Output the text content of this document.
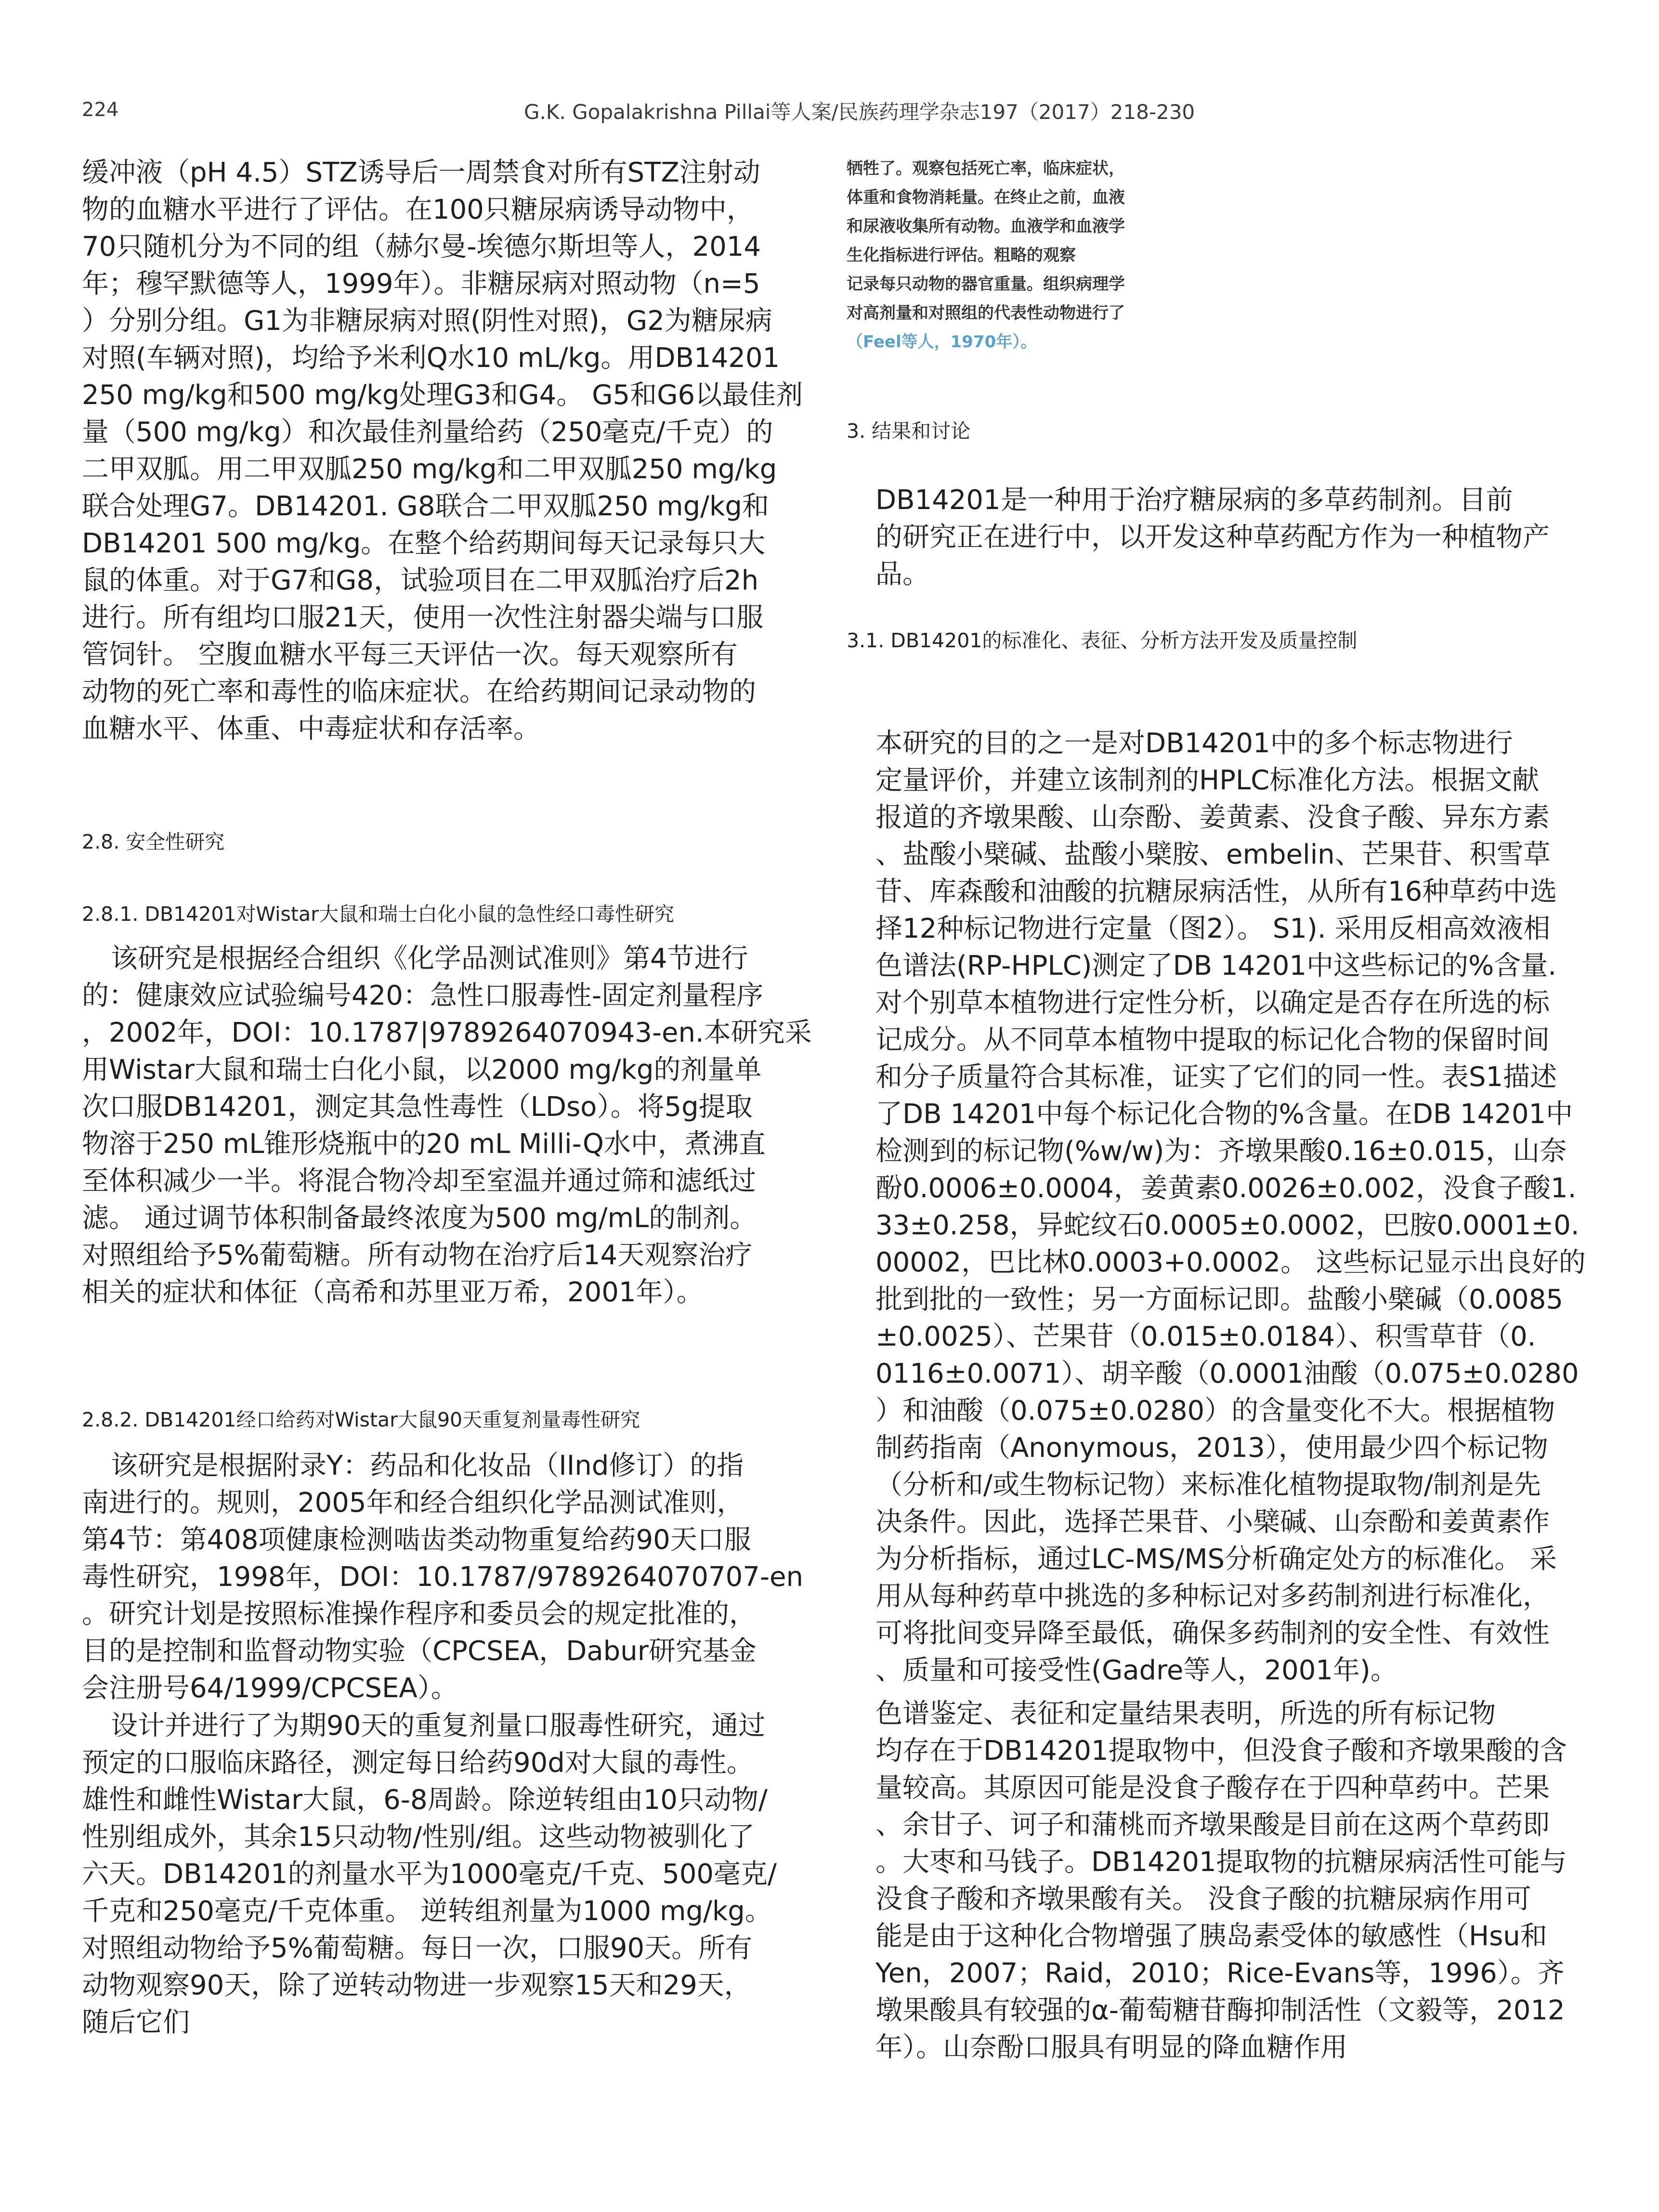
224	G.K. Gopalakrishna Pillai等人案/民族药理学杂志197（2017）218-230
缓冲液（pH 4.5）STZ诱导后一周禁食对所有STZ注射动
物的血糖水平进行了评估。在100只糖尿病诱导动物中，
70只随机分为不同的组（赫尔曼-埃德尔斯坦等人，2014
年；穆罕默德等人，1999年）。非糖尿病对照动物（n=5
）分别分组。G1为非糖尿病对照(阴性对照)，G2为糖尿病
对照(车辆对照)，均给予米利Q水10 mL/kg。用DB14201
250 mg/kg和500 mg/kg处理G3和G4。 G5和G6以最佳剂
量（500 mg/kg）和次最佳剂量给药（250毫克/千克）的
二甲双胍。用二甲双胍250 mg/kg和二甲双胍250 mg/kg
联合处理G7。DB14201. G8联合二甲双胍250 mg/kg和
DB14201 500 mg/kg。在整个给药期间每天记录每只大
鼠的体重。对于G7和G8，试验项目在二甲双胍治疗后2h
进行。所有组均口服21天，使用一次性注射器尖端与口服
管饲针。 空腹血糖水平每三天评估一次。每天观察所有
动物的死亡率和毒性的临床症状。在给药期间记录动物的
血糖水平、体重、中毒症状和存活率。
2.8. 安全性研究
2.8.1. DB14201对Wistar大鼠和瑞士白化小鼠的急性经口毒性研究
该研究是根据经合组织《化学品测试准则》第4节进行
的：健康效应试验编号420：急性口服毒性-固定剂量程序
，2002年，DOI：10.1787|9789264070943-en.本研究采
用Wistar大鼠和瑞士白化小鼠，以2000 mg/kg的剂量单
次口服DB14201，测定其急性毒性（LDso）。将5g提取
物溶于250 mL锥形烧瓶中的20 mL Milli-Q水中，煮沸直
至体积减少一半。将混合物冷却至室温并通过筛和滤纸过
滤。 通过调节体积制备最终浓度为500 mg/mL的制剂。
对照组给予5%葡萄糖。所有动物在治疗后14天观察治疗
相关的症状和体征（高希和苏里亚万希，2001年）。
2.8.2. DB14201经口给药对Wistar大鼠90天重复剂量毒性研究
该研究是根据附录Y：药品和化妆品（IInd修订）的指
南进行的。规则，2005年和经合组织化学品测试准则，
第4节：第408项健康检测啮齿类动物重复给药90天口服
毒性研究，1998年，DOI：10.1787/9789264070707-en
。研究计划是按照标准操作程序和委员会的规定批准的，
目的是控制和监督动物实验（CPCSEA，Dabur研究基金
会注册号64/1999/CPCSEA）。
设计并进行了为期90天的重复剂量口服毒性研究，通过
预定的口服临床路径，测定每日给药90d对大鼠的毒性。
雄性和雌性Wistar大鼠，6-8周龄。除逆转组由10只动物/
性别组成外，其余15只动物/性别/组。这些动物被驯化了
六天。DB14201的剂量水平为1000毫克/千克、500毫克/
千克和250毫克/千克体重。 逆转组剂量为1000 mg/kg。
对照组动物给予5%葡萄糖。每日一次，口服90天。所有
动物观察90天，除了逆转动物进一步观察15天和29天，
随后它们
牺牲了。观察包括死亡率，临床症状，
体重和食物消耗量。在终止之前，血液
和尿液收集所有动物。血液学和血液学
生化指标进行评估。粗略的观察
记录每只动物的器官重量。组织病理学
对高剂量和对照组的代表性动物进行了
（Feel等人，1970年）。
3. 结果和讨论
DB14201是一种用于治疗糖尿病的多草药制剂。目前
的研究正在进行中，以开发这种草药配方作为一种植物产
品。
3.1. DB14201的标准化、表征、分析方法开发及质量控制
本研究的目的之一是对DB14201中的多个标志物进行
定量评价，并建立该制剂的HPLC标准化方法。根据文献
报道的齐墩果酸、山奈酚、姜黄素、没食子酸、异东方素
、盐酸小檗碱、盐酸小檗胺、embelin、芒果苷、积雪草
苷、库森酸和油酸的抗糖尿病活性，从所有16种草药中选
择12种标记物进行定量（图2）。 S1). 采用反相高效液相
色谱法(RP-HPLC)测定了DB 14201中这些标记的%含量.
对个别草本植物进行定性分析，以确定是否存在所选的标
记成分。从不同草本植物中提取的标记化合物的保留时间
和分子质量符合其标准，证实了它们的同一性。表S1描述
了DB 14201中每个标记化合物的%含量。在DB 14201中
检测到的标记物(%w/w)为：齐墩果酸0.16±0.015，山奈
酚0.0006±0.0004，姜黄素0.0026±0.002，没食子酸1.
33±0.258，异蛇纹石0.0005±0.0002，巴胺0.0001±0.
00002，巴比林0.0003+0.0002。 这些标记显示出良好的
批到批的一致性；另一方面标记即。盐酸小檗碱（0.0085
±0.0025）、芒果苷（0.015±0.0184）、积雪草苷（0.
0116±0.0071）、胡辛酸（0.0001油酸（0.075±0.0280
）和油酸（0.075±0.0280）的含量变化不大。根据植物
制药指南（Anonymous，2013），使用最少四个标记物
（分析和/或生物标记物）来标准化植物提取物/制剂是先
决条件。因此，选择芒果苷、小檗碱、山奈酚和姜黄素作
为分析指标，通过LC-MS/MS分析确定处方的标准化。 采
用从每种药草中挑选的多种标记对多药制剂进行标准化，
可将批间变异降至最低，确保多药制剂的安全性、有效性
、质量和可接受性(Gadre等人，2001年)。
色谱鉴定、表征和定量结果表明，所选的所有标记物
均存在于DB14201提取物中，但没食子酸和齐墩果酸的含
量较高。其原因可能是没食子酸存在于四种草药中。芒果
、余甘子、诃子和蒲桃而齐墩果酸是目前在这两个草药即
。大枣和马钱子。DB14201提取物的抗糖尿病活性可能与
没食子酸和齐墩果酸有关。 没食子酸的抗糖尿病作用可
能是由于这种化合物增强了胰岛素受体的敏感性（Hsu和
Yen，2007；Raid，2010；Rice-Evans等，1996）。齐
墩果酸具有较强的α-葡萄糖苷酶抑制活性（文毅等，2012
年）。山奈酚口服具有明显的降血糖作用
